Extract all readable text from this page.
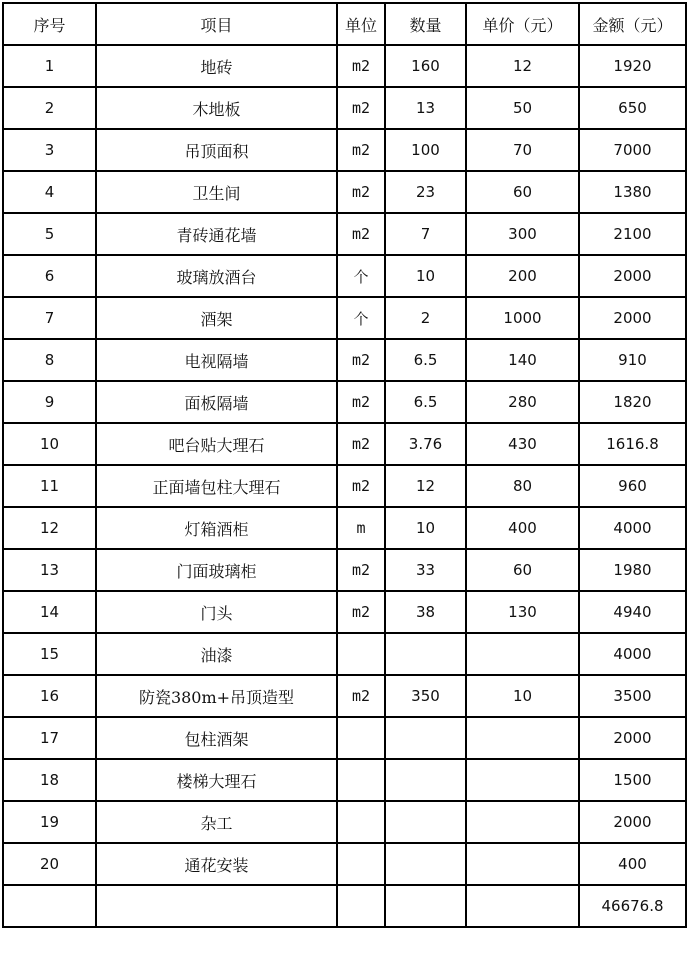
序号	项目	单位	数量	单价（元）	金额（元）
1	地砖	m2	160	12	1920
2	木地板	m2	13	50	650
3	吊顶面积	m2	100	70	7000
4	卫生间	m2	23	60	1380
5	青砖通花墙	m2	7	300	2100
6	玻璃放酒台	个	10	200	2000
7	酒架	个	2	1000	2000
8	电视隔墙	m2	6.5	140	910
9	面板隔墙	m2	6.5	280	1820
10	吧台贴大理石	m2	3.76	430	1616.8
11	正面墙包柱大理石	m2	12	80	960
12	灯箱酒柜	m	10	400	4000
13	门面玻璃柜	m2	33	60	1980
14	门头	m2	38	130	4940
15	油漆				4000
16	防瓷380m+吊顶造型	m2	350	10	3500
17	包柱酒架				2000
18	楼梯大理石				1500
19	杂工				2000
20	通花安装				400
					46676.8
